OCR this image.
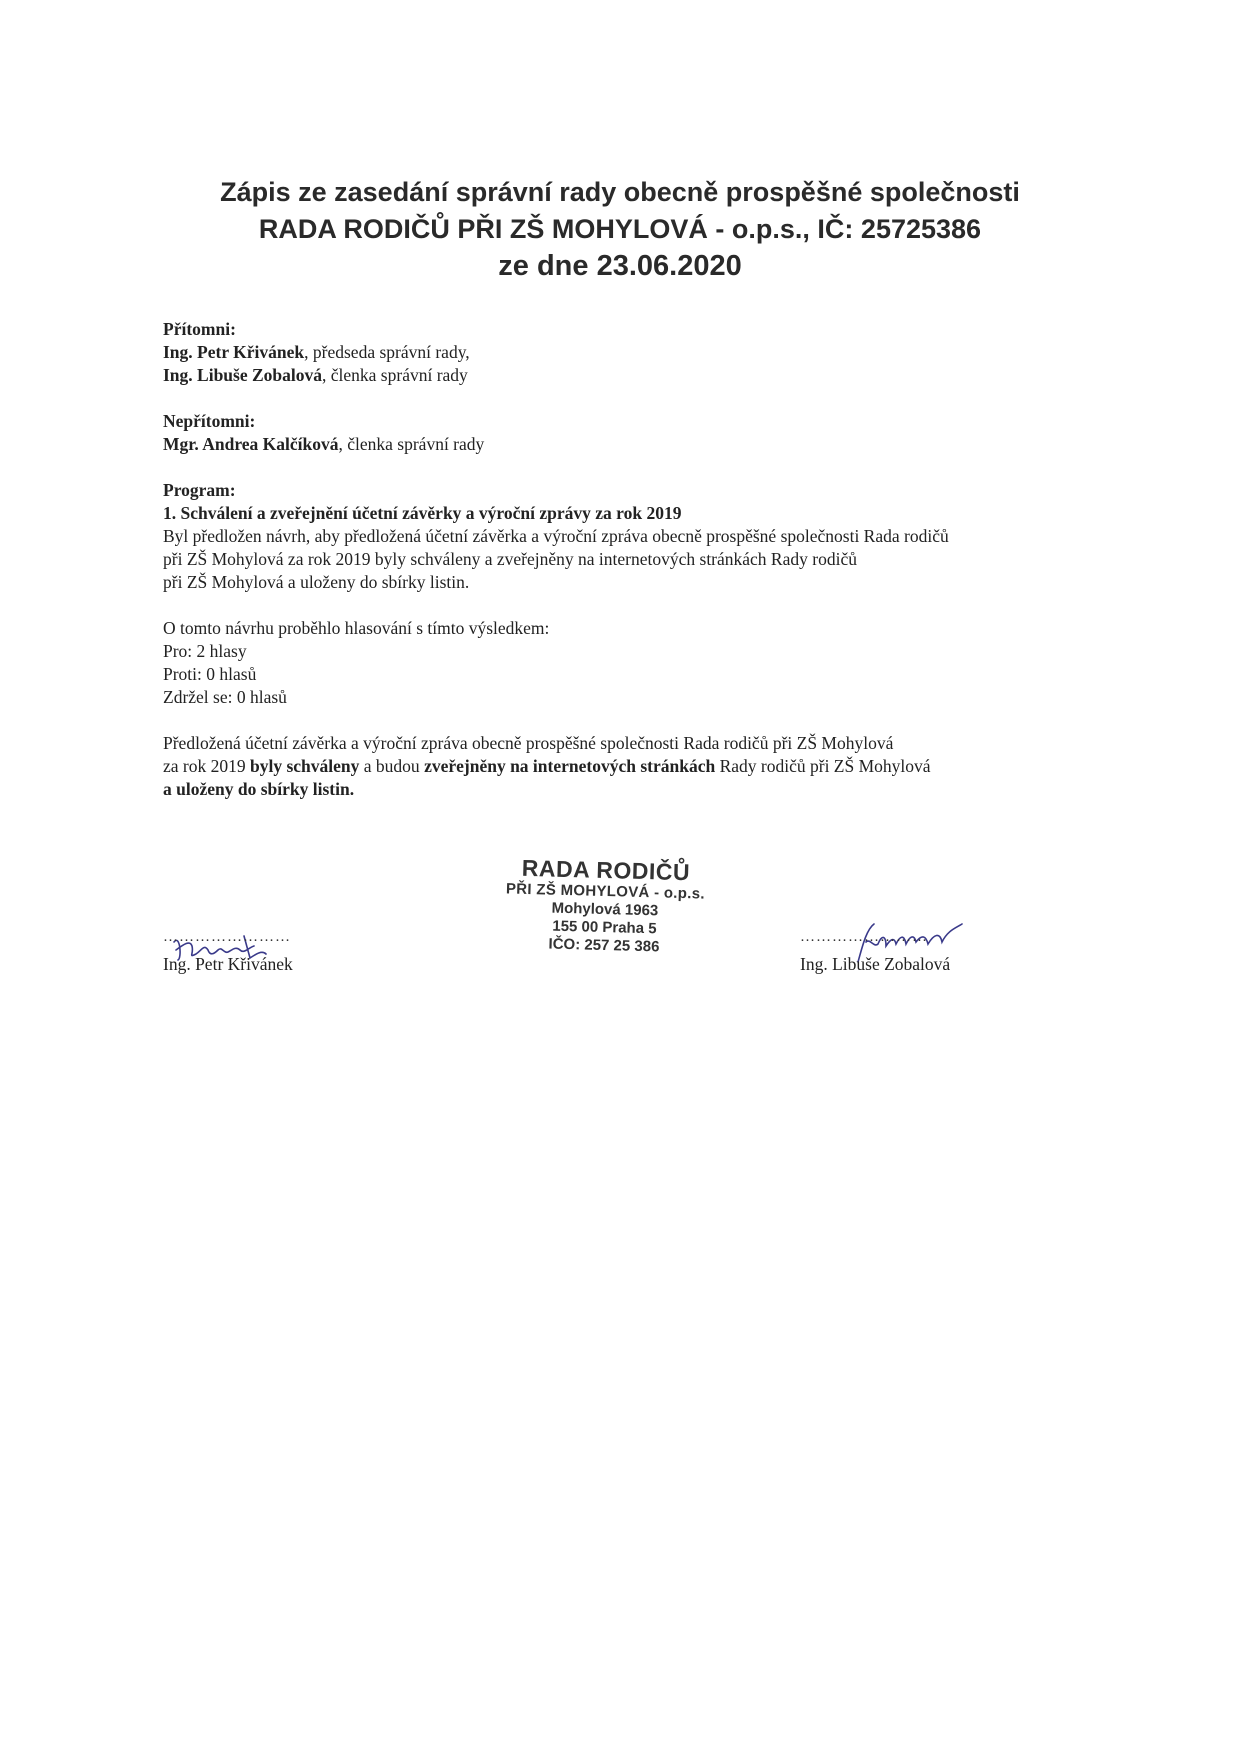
Zápis ze zasedání správní rady obecně prospěšné společnosti
RADA RODIČŮ PŘI ZŠ MOHYLOVÁ - o.p.s., IČ: 25725386
ze dne 23.06.2020

Přítomni:

Ing. Petr Křivánek, předseda správní rady,

Ing. Libuše Zobalová, členka správní rady

Nepřítomni:

Mgr. Andrea Kalčíková, členka správní rady

Program:

1. Schválení a zveřejnění účetní závěrky a výroční zprávy za rok 2019

Byl předložen návrh, aby předložená účetní závěrka a výroční zpráva obecně prospěšné společnosti Rada rodičů

při ZŠ Mohylová za rok 2019 byly schváleny a zveřejněny na internetových stránkách Rady rodičů

při ZŠ Mohylová a uloženy do sbírky listin.

O tomto návrhu proběhlo hlasování s tímto výsledkem:

Pro: 2 hlasy

Proti: 0 hlasů

Zdržel se: 0 hlasů

Předložená účetní závěrka a výroční zpráva obecně prospěšné společnosti Rada rodičů při ZŠ Mohylová

za rok 2019 byly schváleny a budou zveřejněny na internetových stránkách Rady rodičů při ZŠ Mohylová

a uloženy do sbírky listin.

RADA RODIČŮ
PŘI ZŠ MOHYLOVÁ - o.p.s.
Mohylová 1963
155 00 Praha 5
IČO: 257 25 386
……………………
Ing. Petr Křivánek
……………………
Ing. Libuše Zobalová
